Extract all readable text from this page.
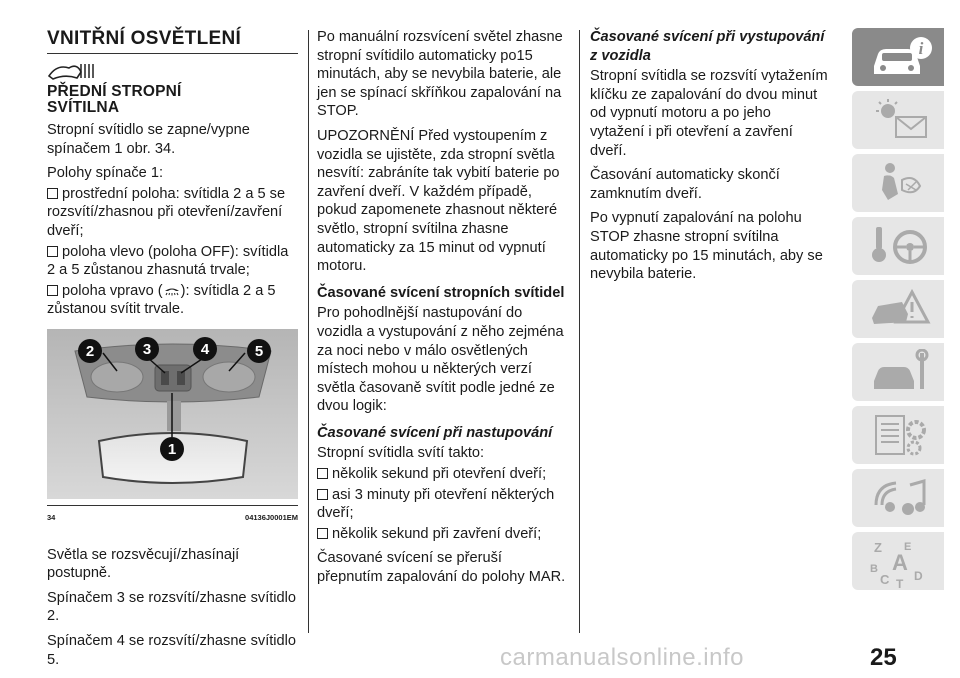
VNITŘNÍ OSVĚTLENÍ
PŘEDNÍ STROPNÍ
SVÍTILNA

Stropní svítidlo se zapne/vypne spínačem 1 obr. 34.

Polohy spínače 1:

prostřední poloha: svítidla 2 a 5 se rozsvítí/zhasnou při otevření/zavření dveří;
poloha vlevo (poloha OFF): svítidla 2 a 5 zůstanou zhasnutá trvale;
poloha vpravo ( ): svítidla 2 a 5 zůstanou svítit trvale.
2	3	4	5
1
34	04136J0001EM

Světla se rozsvěcují/zhasínají postupně.

Spínačem 3 se rozsvítí/zhasne svítidlo 2.

Spínačem 4 se rozsvítí/zhasne svítidlo 5.

Po manuální rozsvícení světel zhasne stropní svítidilo automaticky po15 minutách, aby se nevybila baterie, ale jen se spínací skříňkou zapalování na STOP.

UPOZORNĚNÍ Před vystoupením z vozidla se ujistěte, zda stropní světla nesvítí: zabráníte tak vybití baterie po zavření dveří. V každém případě, pokud zapomenete zhasnout některé světlo, stropní svítilna zhasne automaticky za 15 minut od vypnutí motoru.

Časované svícení stropních svítidel

Pro pohodlnější nastupování do vozidla a vystupování z něho zejména za noci nebo v málo osvětlených místech mohou u některých verzí světla časovaně svítit podle jedné ze dvou logik:

Časované svícení při nastupování

Stropní svítidla svítí takto:

několik sekund při otevření dveří;
asi 3 minuty při otevření některých dveří;
několik sekund při zavření dveří;

Časované svícení se přeruší přepnutím zapalování do polohy MAR.

Časované svícení při vystupování
z vozidla

Stropní svítidla se rozsvítí vytažením klíčku ze zapalování do dvou minut od vypnutí motoru a po jeho vytažení i při otevření a zavření dveří.

Časování automaticky skončí zamknutím dveří.

Po vypnutí zapalování na polohu STOP zhasne stropní svítilna automaticky po 15 minutách, aby se nevybila baterie.

i
Z E
A
B
C D
T
carmanualsonline.info	25
